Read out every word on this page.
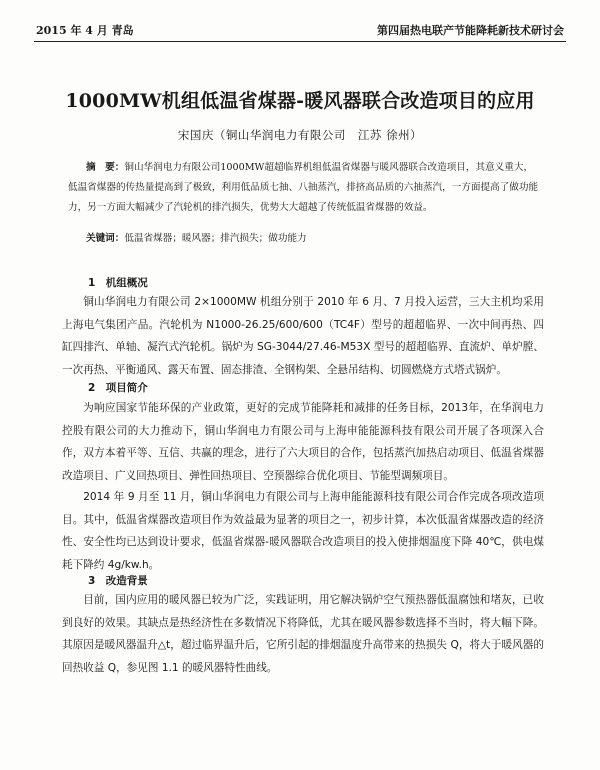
2015 年 4 月 青岛	第四届热电联产节能降耗新技术研讨会
1000MW机组低温省煤器-暖风器联合改造项目的应用
宋国庆（铜山华润电力有限公司　江苏 徐州）
摘　要：铜山华润电力有限公司1000MW超超临界机组低温省煤器与暖风器联合改造项目，其意义重大，低温省煤器的传热量提高到了极致，利用低品质七抽、八抽蒸汽，排挤高品质的六抽蒸汽，一方面提高了做功能力，另一方面大幅减少了汽轮机的排汽损失，优势大大超越了传统低温省煤器的效益。
关键词：低温省煤器；暖风器；排汽损失；做功能力
1　机组概况
铜山华润电力有限公司 2×1000MW 机组分别于 2010 年 6 月、7 月投入运营，三大主机均采用上海电气集团产品。汽轮机为 N1000-26.25/600/600（TC4F）型号的超超临界、一次中间再热、四缸四排汽、单轴、凝汽式汽轮机。锅炉为 SG-3044/27.46-M53X 型号的超超临界、直流炉、单炉膛、一次再热、平衡通风、露天布置、固态排渣、全钢构架、全悬吊结构、切圆燃烧方式塔式锅炉。
2　项目简介
为响应国家节能环保的产业政策，更好的完成节能降耗和减排的任务目标，2013年，在华润电力控股有限公司的大力推动下，铜山华润电力有限公司与上海申能能源科技有限公司开展了各项深入合作，双方本着平等、互信、共赢的理念，进行了六大项目的合作，包括蒸汽加热启动项目、低温省煤器改造项目、广义回热项目、弹性回热项目、空预器综合优化项目、节能型调频项目。
2014 年 9 月至 11 月，铜山华润电力有限公司与上海申能能源科技有限公司合作完成各项改造项目。其中，低温省煤器改造项目作为效益最为显著的项目之一，初步计算，本次低温省煤器改造的经济性、安全性均已达到设计要求，低温省煤器-暖风器联合改造项目的投入使排烟温度下降 40℃，供电煤耗下降约 4g/kw.h。
3　改造背景
目前，国内应用的暖风器已较为广泛，实践证明，用它解决锅炉空气预热器低温腐蚀和堵灰，已收到良好的效果。其缺点是热经济性在多数情况下将降低，尤其在暖风器参数选择不当时，将大幅下降。其原因是暖风器温升△t，超过临界温升后，它所引起的排烟温度升高带来的热损失 Q，将大于暖风器的回热收益 Q，参见图 1.1 的暖风器特性曲线。
